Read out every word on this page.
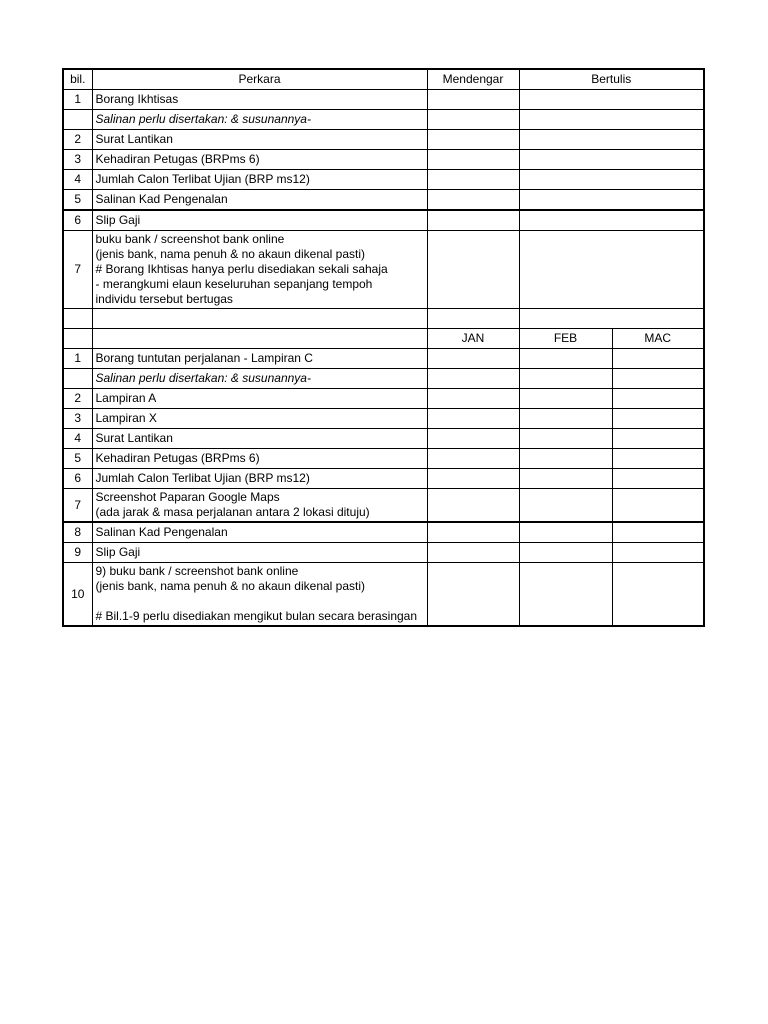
bil.	Perkara	Mendengar	Bertulis	
1	Borang Ikhtisas			
	Salinan perlu disertakan: & susunannya-			
2	Surat Lantikan			
3	Kehadiran Petugas (BRPms 6)			
4	Jumlah Calon Terlibat Ujian (BRP ms12)			
5	Salinan Kad Pengenalan			
6	Slip Gaji			
7	buku bank / screenshot bank online
(jenis bank, nama penuh & no akaun dikenal pasti)
# Borang Ikhtisas hanya perlu disediakan sekali sahaja
- merangkumi elaun keseluruhan sepanjang tempoh
individu tersebut bertugas			

		JAN	FEB	MAC
1	Borang tuntutan perjalanan - Lampiran C			
	Salinan perlu disertakan: & susunannya-			
2	Lampiran A			
3	Lampiran X			
4	Surat Lantikan			
5	Kehadiran Petugas (BRPms 6)			
6	Jumlah Calon Terlibat Ujian (BRP ms12)			
7	Screenshot Paparan Google Maps
(ada jarak & masa perjalanan antara 2 lokasi dituju)			
8	Salinan Kad Pengenalan			
9	Slip Gaji			
10	9) buku bank / screenshot bank online
(jenis bank, nama penuh & no akaun dikenal pasti)

# Bil.1-9 perlu disediakan mengikut bulan secara berasingan			
